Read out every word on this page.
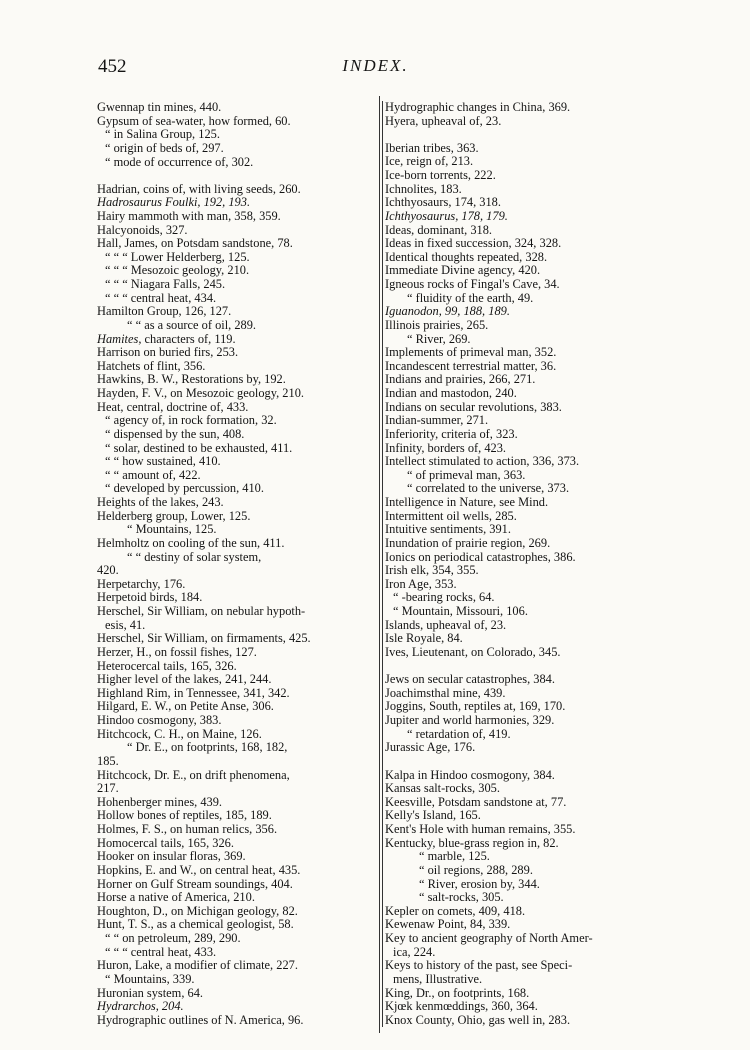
452	INDEX.
Gwennap tin mines, 440.
Gypsum of sea-water, how formed, 60.
“ in Salina Group, 125.
“ origin of beds of, 297.
“ mode of occurrence of, 302.
Hadrian, coins of, with living seeds, 260.
Hadrosaurus Foulki, 192, 193.
Hairy mammoth with man, 358, 359.
Halcyonoids, 327.
Hall, James, on Potsdam sandstone, 78.
“ “ “ Lower Helderberg, 125.
“ “ “ Mesozoic geology, 210.
“ “ “ Niagara Falls, 245.
“ “ “ central heat, 434.
Hamilton Group, 126, 127.
“ “ as a source of oil, 289.
Hamites, characters of, 119.
Harrison on buried firs, 253.
Hatchets of flint, 356.
Hawkins, B. W., Restorations by, 192.
Hayden, F. V., on Mesozoic geology, 210.
Heat, central, doctrine of, 433.
“ agency of, in rock formation, 32.
“ dispensed by the sun, 408.
“ solar, destined to be exhausted, 411.
“ “ how sustained, 410.
“ “ amount of, 422.
“ developed by percussion, 410.
Heights of the lakes, 243.
Helderberg group, Lower, 125.
“ Mountains, 125.
Helmholtz on cooling of the sun, 411.
“ “ destiny of solar system,
420.
Herpetarchy, 176.
Herpetoid birds, 184.
Herschel, Sir William, on nebular hypoth-
esis, 41.
Herschel, Sir William, on firmaments, 425.
Herzer, H., on fossil fishes, 127.
Heterocercal tails, 165, 326.
Higher level of the lakes, 241, 244.
Highland Rim, in Tennessee, 341, 342.
Hilgard, E. W., on Petite Anse, 306.
Hindoo cosmogony, 383.
Hitchcock, C. H., on Maine, 126.
“ Dr. E., on footprints, 168, 182,
185.
Hitchcock, Dr. E., on drift phenomena,
217.
Hohenberger mines, 439.
Hollow bones of reptiles, 185, 189.
Holmes, F. S., on human relics, 356.
Homocercal tails, 165, 326.
Hooker on insular floras, 369.
Hopkins, E. and W., on central heat, 435.
Horner on Gulf Stream soundings, 404.
Horse a native of America, 210.
Houghton, D., on Michigan geology, 82.
Hunt, T. S., as a chemical geologist, 58.
“ “ on petroleum, 289, 290.
“ “ “ central heat, 433.
Huron, Lake, a modifier of climate, 227.
“ Mountains, 339.
Huronian system, 64.
Hydrarchos, 204.
Hydrographic outlines of N. America, 96.
Hydrographic changes in China, 369.
Hyera, upheaval of, 23.
Iberian tribes, 363.
Ice, reign of, 213.
Ice-born torrents, 222.
Ichnolites, 183.
Ichthyosaurs, 174, 318.
Ichthyosaurus, 178, 179.
Ideas, dominant, 318.
Ideas in fixed succession, 324, 328.
Identical thoughts repeated, 328.
Immediate Divine agency, 420.
Igneous rocks of Fingal's Cave, 34.
“ fluidity of the earth, 49.
Iguanodon, 99, 188, 189.
Illinois prairies, 265.
“ River, 269.
Implements of primeval man, 352.
Incandescent terrestrial matter, 36.
Indians and prairies, 266, 271.
Indian and mastodon, 240.
Indians on secular revolutions, 383.
Indian-summer, 271.
Inferiority, criteria of, 323.
Infinity, borders of, 423.
Intellect stimulated to action, 336, 373.
“ of primeval man, 363.
“ correlated to the universe, 373.
Intelligence in Nature, see Mind.
Intermittent oil wells, 285.
Intuitive sentiments, 391.
Inundation of prairie region, 269.
Ionics on periodical catastrophes, 386.
Irish elk, 354, 355.
Iron Age, 353.
“ -bearing rocks, 64.
“ Mountain, Missouri, 106.
Islands, upheaval of, 23.
Isle Royale, 84.
Ives, Lieutenant, on Colorado, 345.
Jews on secular catastrophes, 384.
Joachimsthal mine, 439.
Joggins, South, reptiles at, 169, 170.
Jupiter and world harmonies, 329.
“ retardation of, 419.
Jurassic Age, 176.
Kalpa in Hindoo cosmogony, 384.
Kansas salt-rocks, 305.
Keesville, Potsdam sandstone at, 77.
Kelly's Island, 165.
Kent's Hole with human remains, 355.
Kentucky, blue-grass region in, 82.
“ marble, 125.
“ oil regions, 288, 289.
“ River, erosion by, 344.
“ salt-rocks, 305.
Kepler on comets, 409, 418.
Kewenaw Point, 84, 339.
Key to ancient geography of North Amer-
ica, 224.
Keys to history of the past, see Speci-
mens, Illustrative.
King, Dr., on footprints, 168.
Kjœk kenmœddings, 360, 364.
Knox County, Ohio, gas well in, 283.
